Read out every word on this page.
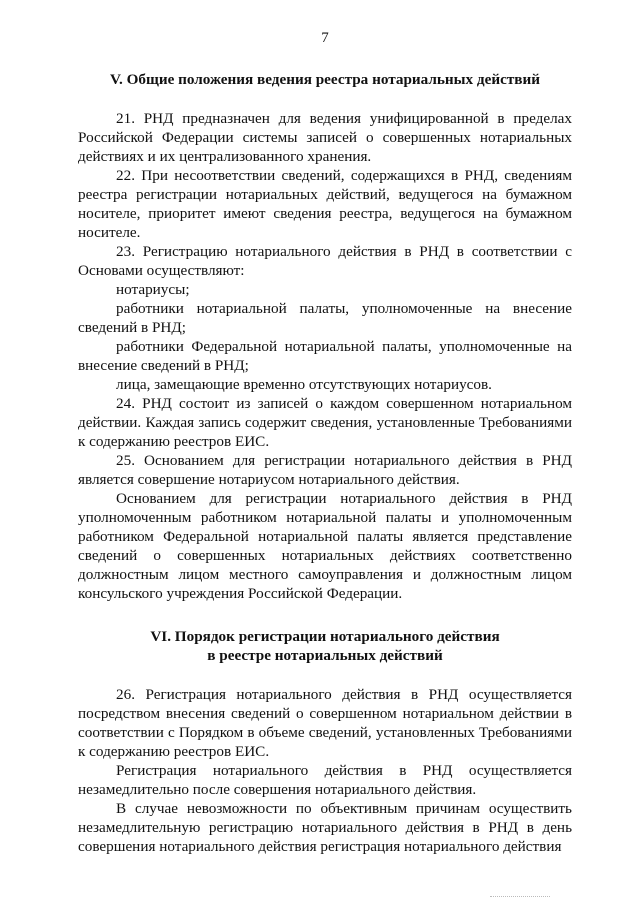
7
V. Общие положения ведения реестра нотариальных действий

21. РНД предназначен для ведения унифицированной в пределах Российской Федерации системы записей о совершенных нотариальных действиях и их централизованного хранения.

22. При несоответствии сведений, содержащихся в РНД, сведениям реестра регистрации нотариальных действий, ведущегося на бумажном носителе, приоритет имеют сведения реестра, ведущегося на бумажном носителе.

23. Регистрацию нотариального действия в РНД в соответствии с Основами осуществляют:

нотариусы;

работники нотариальной палаты, уполномоченные на внесение сведений в РНД;

работники Федеральной нотариальной палаты, уполномоченные на внесение сведений в РНД;

лица, замещающие временно отсутствующих нотариусов.

24. РНД состоит из записей о каждом совершенном нотариальном действии. Каждая запись содержит сведения, установленные Требованиями к содержанию реестров ЕИС.

25. Основанием для регистрации нотариального действия в РНД является совершение нотариусом нотариального действия.

Основанием для регистрации нотариального действия в РНД уполномоченным работником нотариальной палаты и уполномоченным работником Федеральной нотариальной палаты является представление сведений о совершенных нотариальных действиях соответственно должностным лицом местного самоуправления и должностным лицом консульского учреждения Российской Федерации.

VI. Порядок регистрации нотариального действия
в реестре нотариальных действий

26. Регистрация нотариального действия в РНД осуществляется посредством внесения сведений о совершенном нотариальном действии в соответствии с Порядком в объеме сведений, установленных Требованиями к содержанию реестров ЕИС.

Регистрация нотариального действия в РНД осуществляется незамедлительно после совершения нотариального действия.

В случае невозможности по объективным причинам осуществить незамедлительную регистрацию нотариального действия в РНД в день совершения нотариального действия регистрация нотариального действия
